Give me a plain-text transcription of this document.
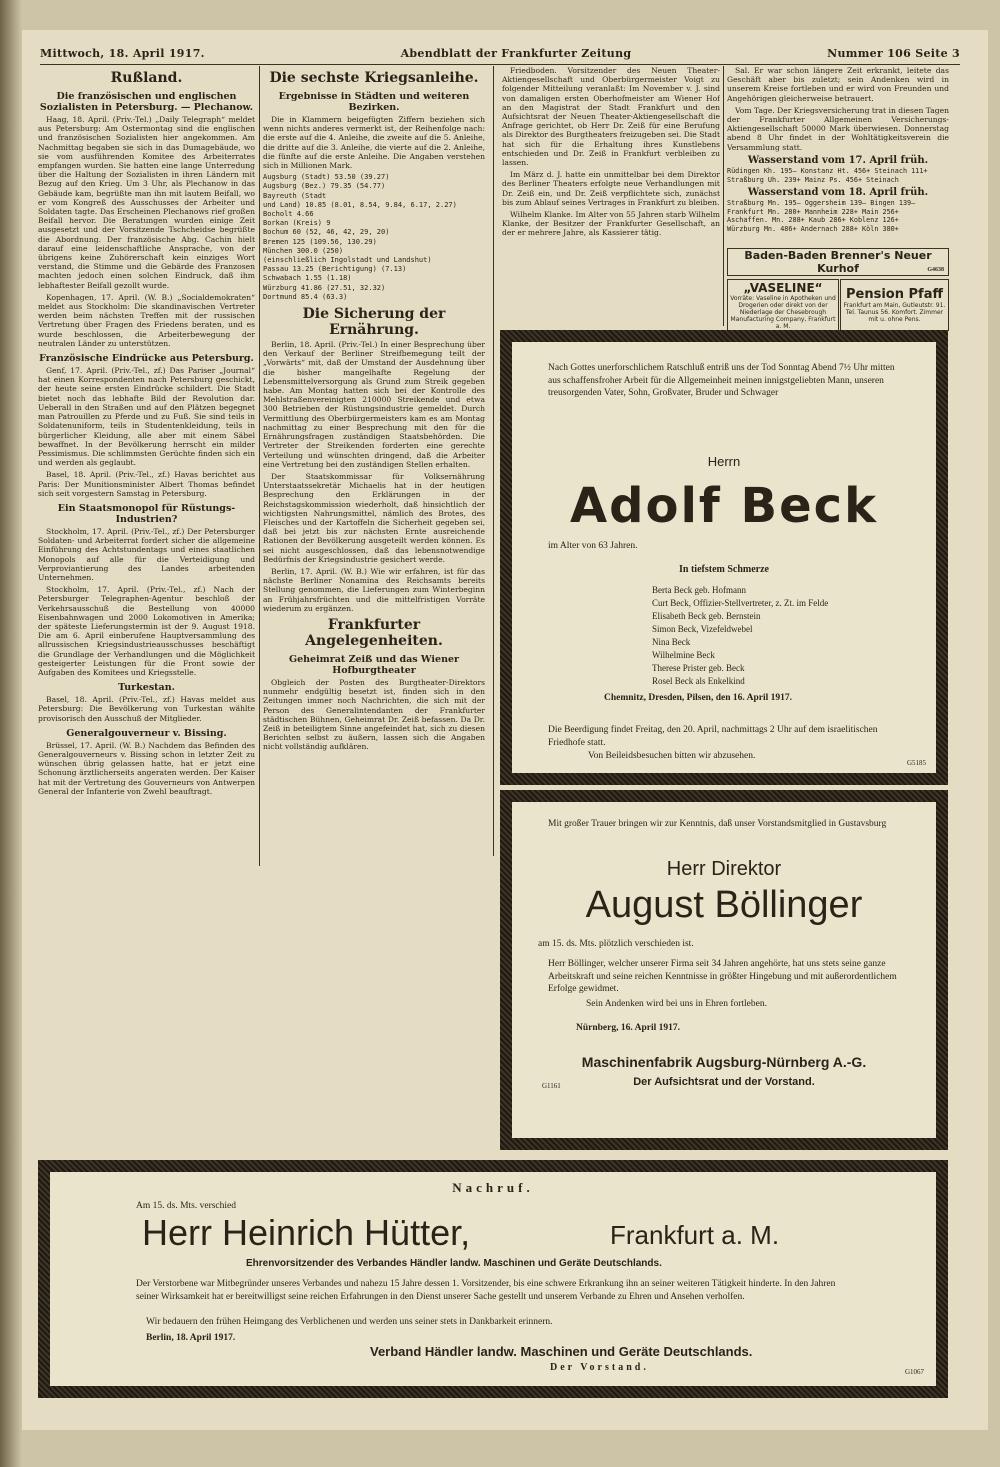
Mittwoch, 18. April 1917.	Abendblatt der Frankfurter Zeitung	Nummer 106 Seite 3
Rußland.
Die französischen und englischen Sozialisten in Petersburg. — Plechanow.

Haag, 18. April. (Priv.-Tel.) „Daily Telegraph“ meldet aus Petersburg: Am Ostermontag sind die englischen und französischen Sozialisten hier angekommen. Am Nachmittag begaben sie sich in das Dumagebäude, wo sie vom ausführenden Komitee des Arbeiterrates empfangen wurden. Sie hatten eine lange Unterredung über die Haltung der Sozialisten in ihren Ländern mit Bezug auf den Krieg. Um 3 Uhr, als Plechanow in das Gebäude kam, begrüßte man ihn mit lautem Beifall, wo er vom Kongreß des Ausschusses der Arbeiter und Soldaten tagte. Das Erscheinen Plechanows rief großen Beifall hervor. Die Beratungen wurden einige Zeit ausgesetzt und der Vorsitzende Tschcheidse begrüßte die Abordnung. Der französische Abg. Cachin hielt darauf eine leidenschaftliche Ansprache, von der übrigens keine Zuhörerschaft kein einziges Wort verstand, die Stimme und die Gebärde des Franzosen machten jedoch einen solchen Eindruck, daß ihm lebhaftester Beifall gezollt wurde.

Kopenhagen, 17. April. (W. B.) „Socialdemokraten“ meldet aus Stockholm: Die skandinavischen Vertreter werden beim nächsten Treffen mit der russischen Vertretung über Fragen des Friedens beraten, und es wurde beschlossen, die Arbeiterbewegung der neutralen Länder zu unterstützen.

Französische Eindrücke aus Petersburg.

Genf, 17. April. (Priv.-Tel., zf.) Das Pariser „Journal“ hat einen Korrespondenten nach Petersburg geschickt, der heute seine ersten Eindrücke schildert. Die Stadt bietet noch das lebhafte Bild der Revolution dar. Ueberall in den Straßen und auf den Plätzen begegnet man Patrouillen zu Pferde und zu Fuß. Sie sind teils in Soldatenuniform, teils in Studentenkleidung, teils in bürgerlicher Kleidung, alle aber mit einem Säbel bewaffnet. In der Bevölkerung herrscht ein milder Pessimismus. Die schlimmsten Gerüchte finden sich ein und werden als geglaubt.

Basel, 18. April. (Priv.-Tel., zf.) Havas berichtet aus Paris: Der Munitionsminister Albert Thomas befindet sich seit vorgestern Samstag in Petersburg.

Ein Staatsmonopol für Rüstungs-Industrien?

Stockholm, 17. April. (Priv.-Tel., zf.) Der Petersburger Soldaten- und Arbeiterrat fordert sicher die allgemeine Einführung des Achtstundentags und eines staatlichen Monopols auf alle für die Verteidigung und Verproviantierung des Landes arbeitenden Unternehmen.

Stockholm, 17. April. (Priv.-Tel., zf.) Nach der Petersburger Telegraphen-Agentur beschloß der Verkehrsausschuß die Bestellung von 40000 Eisenbahnwagen und 2000 Lokomotiven in Amerika; der späteste Lieferungstermin ist der 9. August 1918. Die am 6. April einberufene Hauptversammlung des allrussischen Kriegsindustrieausschusses beschäftigt die Grundlage der Verhandlungen und die Möglichkeit gesteigerter Leistungen für die Front sowie der Aufgaben des Komitees und Kriegsstelle.

Turkestan.

Basel, 18. April. (Priv.-Tel., zf.) Havas meldet aus Petersburg: Die Bevölkerung von Turkestan wählte provisorisch den Ausschuß der Mitglieder.

Generalgouverneur v. Bissing.

Brüssel, 17. April. (W. B.) Nachdem das Befinden des Generalgouverneurs v. Bissing schon in letzter Zeit zu wünschen übrig gelassen hatte, hat er jetzt eine Schonung ärztlicherseits angeraten werden. Der Kaiser hat mit der Vertretung des Gouverneurs von Antwerpen General der Infanterie von Zwehl beauftragt.

Die sechste Kriegsanleihe.
Ergebnisse in Städten und weiteren Bezirken.

Die in Klammern beigefügten Ziffern beziehen sich wenn nichts anderes vermerkt ist, der Reihenfolge nach: die erste auf die 4. Anleihe, die zweite auf die 5. Anleihe, die dritte auf die 3. Anleihe, die vierte auf die 2. Anleihe, die fünfte auf die erste Anleihe. Die Angaben verstehen sich in Millionen Mark.

Augsburg (Stadt) 53.50 (39.27)
Augsburg (Bez.) 79.35 (54.77)
Bayreuth (Stadt
und Land) 10.85 (8.01, 8.54, 9.84, 6.17, 2.27)
Bocholt 4.66
Borkan (Kreis) 9
Bochum 60 (52, 46, 42, 29, 20)
Bremen 125 (109.56, 130.29)
München 300.0 (250)
(einschließlich Ingolstadt und Landshut)
Passau 13.25 (Berichtigung) (7.13)
Schwabach 1.55 (1.18)
Würzburg 41.86 (27.51, 32.32)
Dortmund 85.4 (63.3)
Die Sicherung der Ernährung.

Berlin, 18. April. (Priv.-Tel.) In einer Besprechung über den Verkauf der Berliner Streifbemegung teilt der „Vorwärts“ mit, daß der Umstand der Ausdehnung über die bisher mangelhafte Regelung der Lebensmittelversorgung als Grund zum Streik gegeben habe. Am Montag hatten sich bei der Kontrolle des Mehlstraßenvereinigten 210000 Streikende und etwa 300 Betrieben der Rüstungsindustrie gemeldet. Durch Vermittlung des Oberbürgermeisters kam es am Montag nachmittag zu einer Besprechung mit den für die Ernährungsfragen zuständigen Staatsbehörden. Die Vertreter der Streikenden forderten eine gerechte Verteilung und wünschten dringend, daß die Arbeiter eine Vertretung bei den zuständigen Stellen erhalten.

Der Staatskommissar für Volksernährung Unterstaatssekretär Michaelis hat in der heutigen Besprechung den Erklärungen in der Reichstagskommission wiederholt, daß hinsichtlich der wichtigsten Nahrungsmittel, nämlich des Brotes, des Fleisches und der Kartoffeln die Sicherheit gegeben sei, daß bei jetzt bis zur nächsten Ernte ausreichende Rationen der Bevölkerung ausgeteilt werden können. Es sei nicht ausgeschlossen, daß das lebensnotwendige Bedürfnis der Kriegsindustrie gesichert werde.

Berlin, 17. April. (W. B.) Wie wir erfahren, ist für das nächste Berliner Nonamina des Reichsamts bereits Stellung genommen, die Lieferungen zum Winterbeginn an Frühjahrsfrüchten und die mittelfristigen Vorräte wiederum zu ergänzen.

Frankfurter Angelegenheiten.
Geheimrat Zeiß und das Wiener Hofburgtheater

Obgleich der Posten des Burgtheater-Direktors nunmehr endgültig besetzt ist, finden sich in den Zeitungen immer noch Nachrichten, die sich mit der Person des Generalintendanten der Frankfurter städtischen Bühnen, Geheimrat Dr. Zeiß befassen. Da Dr. Zeiß in beteiligtem Sinne angefeindet hat, sich zu diesen Berichten selbst zu äußern, lassen sich die Angaben nicht vollständig aufklären.

Friedboden. Vorsitzender des Neuen Theater-Aktiengesellschaft und Oberbürgermeister Voigt zu folgender Mitteilung veranlaßt: Im November v. J. sind von damaligen ersten Oberhofmeister am Wiener Hof an den Magistrat der Stadt Frankfurt und den Aufsichtsrat der Neuen Theater-Aktiengesellschaft die Anfrage gerichtet, ob Herr Dr. Zeiß für eine Berufung als Direktor des Burgtheaters freizugeben sei. Die Stadt hat sich für die Erhaltung ihres Kunstlebens entschieden und Dr. Zeiß in Frankfurt verbleiben zu lassen.

Im März d. J. hatte ein unmittelbar bei dem Direktor des Berliner Theaters erfolgte neue Verhandlungen mit Dr. Zeiß ein, und Dr. Zeiß verpflichtete sich, zunächst bis zum Ablauf seines Vertrages in Frankfurt zu bleiben.

Wilhelm Klanke. Im Alter von 55 Jahren starb Wilhelm Klanke, der Besitzer der Frankfurter Gesellschaft, an der er mehrere Jahre, als Kassierer tätig.

Sal. Er war schon längere Zeit erkrankt, leitete das Geschäft aber bis zuletzt; sein Andenken wird in unserem Kreise fortleben und er wird von Freunden und Angehörigen gleicherweise betrauert.

Vom Tage. Der Kriegsversicherung trat in diesen Tagen der Frankfurter Allgemeinen Versicherungs-Aktiengesellschaft 50000 Mark überwiesen. Donnerstag abend 8 Uhr findet in der Wohltätigkeitsverein die Versammlung statt.

Wasserstand vom 17. April früh.
Rüdingen Kh. 195— Konstanz Ht. 456+ Steinach 111+
Straßburg Uh. 239+ Mainz Ps. 456+ Steinach
Wasserstand vom 18. April früh.
Straßburg Mn. 195— Oggersheim 139— Bingen 139—
Frankfurt Mn. 280+ Mannheim 228+ Main 256+
Aschaffen. Mn. 288+ Kaub 286+ Koblenz 126+
Würzburg Mn. 486+ Andernach 288+ Köln 380+
Baden-Baden Brenner's Neuer Kurhof	G4638
„VASELINE“
Vorräte: Vaseline in Apotheken und Drogerien oder direkt von der Niederlage der Chesebrough Manufacturing Company, Frankfurt a. M.
Pension Pfaff
Frankfurt am Main, Gutleutstr. 91. Tel. Taunus 56. Komfort. Zimmer mit u. ohne Pens.
Nach Gottes unerforschlichem Ratschluß entriß uns der Tod Sonntag Abend 7½ Uhr mitten aus schaffensfroher Arbeit für die Allgemeinheit meinen innigstgeliebten Mann, unseren treusorgenden Vater, Sohn, Großvater, Bruder und Schwager
Herrn
Adolf Beck
im Alter von 63 Jahren.
In tiefstem Schmerze
Berta Beck geb. Hofmann
Curt Beck, Offizier-Stellvertreter, z. Zt. im Felde
Elisabeth Beck geb. Bernstein
Simon Beck, Vizefeldwebel
Nina Beck
Wilhelmine Beck
Therese Prister geb. Beck
Rosel Beck als Enkelkind
Chemnitz, Dresden, Pilsen, den 16. April 1917.
Die Beerdigung findet Freitag, den 20. April, nachmittags 2 Uhr auf dem israelitischen Friedhofe statt.
Von Beileidsbesuchen bitten wir abzusehen.
G5185
Mit großer Trauer bringen wir zur Kenntnis, daß unser Vorstandsmitglied in Gustavsburg
Herr Direktor
August Böllinger
am 15. ds. Mts. plötzlich verschieden ist.
Herr Böllinger, welcher unserer Firma seit 34 Jahren angehörte, hat uns stets seine ganze Arbeitskraft und seine reichen Kenntnisse in größter Hingebung und mit außerordentlichem Erfolge gewidmet.
Sein Andenken wird bei uns in Ehren fortleben.
Nürnberg, 16. April 1917.
Maschinenfabrik Augsburg-Nürnberg A.-G.
Der Aufsichtsrat und der Vorstand.
G1161
Nachruf.
Am 15. ds. Mts. verschied
Herr Heinrich Hütter,	Frankfurt a. M.
Ehrenvorsitzender des Verbandes Händler landw. Maschinen und Geräte Deutschlands.
Der Verstorbene war Mitbegründer unseres Verbandes und nahezu 15 Jahre dessen 1. Vorsitzender, bis eine schwere Erkrankung ihn an seiner weiteren Tätigkeit hinderte. In den Jahren seiner Wirksamkeit hat er bereitwilligst seine reichen Erfahrungen in den Dienst unserer Sache gestellt und unserem Verbande zu Ehren und Ansehen verholfen.
Wir bedauern den frühen Heimgang des Verblichenen und werden uns seiner stets in Dankbarkeit erinnern.
Berlin, 18. April 1917.
Verband Händler landw. Maschinen und Geräte Deutschlands.
Der Vorstand.	G1067
